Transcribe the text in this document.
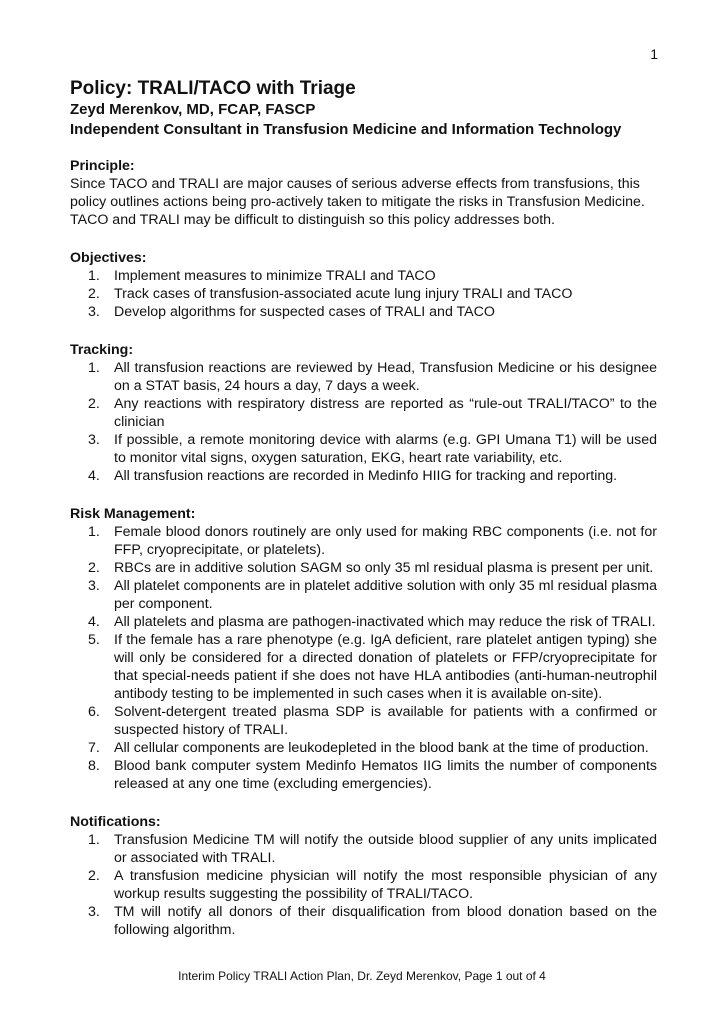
1
Policy: TRALI/TACO with Triage

Zeyd Merenkov, MD, FCAP, FASCP

Independent Consultant in Transfusion Medicine and Information Technology

Principle:

Since TACO and TRALI are major causes of serious adverse effects from transfusions, this policy outlines actions being pro-actively taken to mitigate the risks in Transfusion Medicine. TACO and TRALI may be difficult to distinguish so this policy addresses both.

Objectives:

1. Implement measures to minimize TRALI and TACO
2. Track cases of transfusion-associated acute lung injury TRALI and TACO
3. Develop algorithms for suspected cases of TRALI and TACO

Tracking:

1. All transfusion reactions are reviewed by Head, Transfusion Medicine or his designee on a STAT basis, 24 hours a day, 7 days a week.
2. Any reactions with respiratory distress are reported as “rule-out TRALI/TACO” to the clinician
3. If possible, a remote monitoring device with alarms (e.g. GPI Umana T1) will be used to monitor vital signs, oxygen saturation, EKG, heart rate variability, etc.
4. All transfusion reactions are recorded in Medinfo HIIG for tracking and reporting.

Risk Management:

1. Female blood donors routinely are only used for making RBC components (i.e. not for FFP, cryoprecipitate, or platelets).
2. RBCs are in additive solution SAGM so only 35 ml residual plasma is present per unit.
3. All platelet components are in platelet additive solution with only 35 ml residual plasma per component.
4. All platelets and plasma are pathogen-inactivated which may reduce the risk of TRALI.
5. If the female has a rare phenotype (e.g. IgA deficient, rare platelet antigen typing) she will only be considered for a directed donation of platelets or FFP/cryoprecipitate for that special-needs patient if she does not have HLA antibodies (anti-human-neutrophil antibody testing to be implemented in such cases when it is available on-site).
6. Solvent-detergent treated plasma SDP is available for patients with a confirmed or suspected history of TRALI.
7. All cellular components are leukodepleted in the blood bank at the time of production.
8. Blood bank computer system Medinfo Hematos IIG limits the number of components released at any one time (excluding emergencies).

Notifications:

1. Transfusion Medicine TM will notify the outside blood supplier of any units implicated or associated with TRALI.
2. A transfusion medicine physician will notify the most responsible physician of any workup results suggesting the possibility of TRALI/TACO.
3. TM will notify all donors of their disqualification from blood donation based on the following algorithm.
Interim Policy TRALI Action Plan, Dr. Zeyd Merenkov, Page 1 out of 4
